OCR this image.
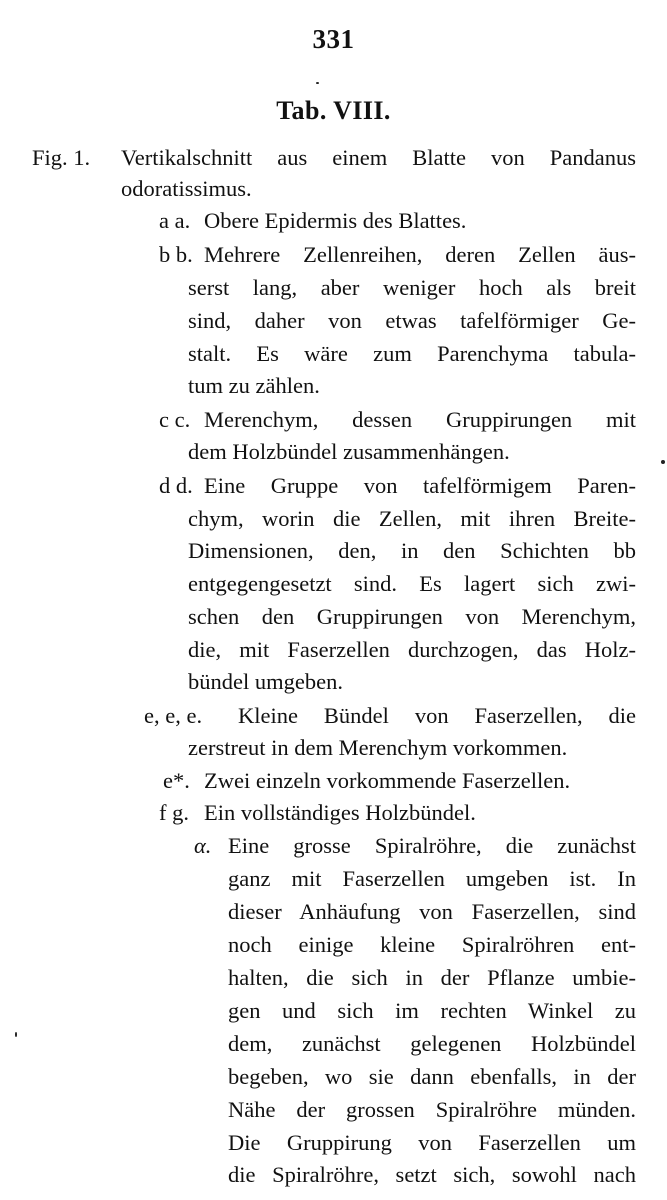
331
Tab. VIII.
Fig. 1. Vertikalschnitt aus einem Blatte von Pandanus
odoratissimus.
a a. Obere Epidermis des Blattes.
b b. Mehrere Zellenreihen, deren Zellen äus-
serst lang, aber weniger hoch als breit
sind, daher von etwas tafelförmiger Ge-
stalt. Es wäre zum Parenchyma tabula-
tum zu zählen.
c c. Merenchym, dessen Gruppirungen mit
dem Holzbündel zusammenhängen.
d d. Eine Gruppe von tafelförmigem Paren-
chym, worin die Zellen, mit ihren Breite-
Dimensionen, den, in den Schichten bb
entgegengesetzt sind. Es lagert sich zwi-
schen den Gruppirungen von Merenchym,
die, mit Faserzellen durchzogen, das Holz-
bündel umgeben.
e, e, e. Kleine Bündel von Faserzellen, die
zerstreut in dem Merenchym vorkommen.
e*. Zwei einzeln vorkommende Faserzellen.
f g. Ein vollständiges Holzbündel.
α. Eine grosse Spiralröhre, die zunächst
ganz mit Faserzellen umgeben ist. In
dieser Anhäufung von Faserzellen, sind
noch einige kleine Spiralröhren ent-
halten, die sich in der Pflanze umbie-
gen und sich im rechten Winkel zu
dem, zunächst gelegenen Holzbündel
begeben, wo sie dann ebenfalls, in der
Nähe der grossen Spiralröhre münden.
Die Gruppirung von Faserzellen um
die Spiralröhre, setzt sich, sowohl nach
